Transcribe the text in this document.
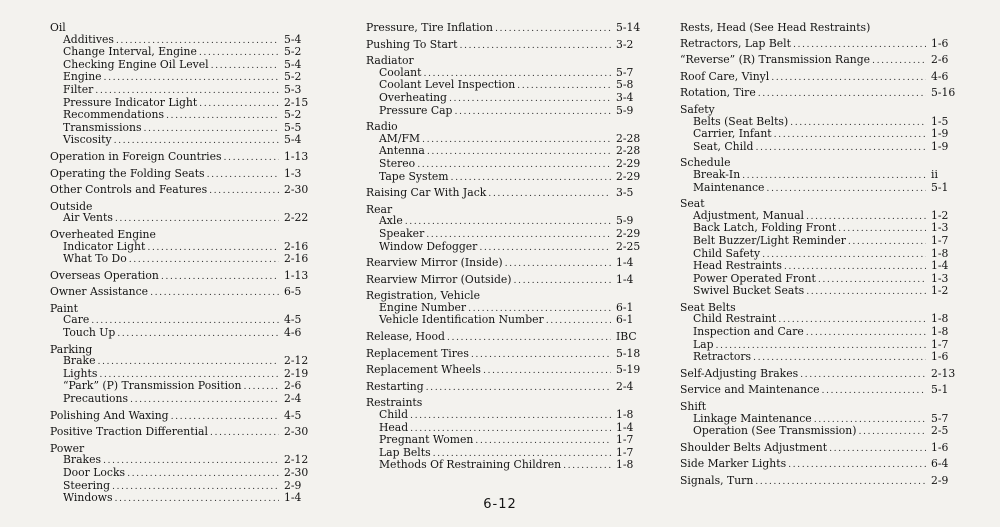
Oil
Additives .....	5-4
Change Interval, Engine .....	5-2
Checking Engine Oil Level .....	5-4
Engine .....	5-2
Filter .....	5-3
Pressure Indicator Light .....	2-15
Recommendations .....	5-2
Transmissions .....	5-5
Viscosity .....	5-4
Operation in Foreign Countries .....	1-13
Operating the Folding Seats .....	1-3
Other Controls and Features .....	2-30
Outside
Air Vents .....	2-22
Overheated Engine
Indicator Light .....	2-16
What To Do .....	2-16
Overseas Operation .....	1-13
Owner Assistance .....	6-5
Paint
Care .....	4-5
Touch Up .....	4-6
Parking
Brake .....	2-12
Lights .....	2-19
“Park” (P) Transmission Position .....	2-6
Precautions .....	2-4
Polishing And Waxing .....	4-5
Positive Traction Differential .....	2-30
Power
Brakes .....	2-12
Door Locks .....	2-30
Steering .....	2-9
Windows .....	1-4
Pressure, Tire Inflation .....	5-14
Pushing To Start .....	3-2
Radiator
Coolant .....	5-7
Coolant Level Inspection .....	5-8
Overheating .....	3-4
Pressure Cap .....	5-9
Radio
AM/FM .....	2-28
Antenna .....	2-28
Stereo .....	2-29
Tape System .....	2-29
Raising Car With Jack .....	3-5
Rear
Axle .....	5-9
Speaker .....	2-29
Window Defogger .....	2-25
Rearview Mirror (Inside) .....	1-4
Rearview Mirror (Outside) .....	1-4
Registration, Vehicle
Engine Number .....	6-1
Vehicle Identification Number .....	6-1
Release, Hood .....	IBC
Replacement Tires .....	5-18
Replacement Wheels .....	5-19
Restarting .....	2-4
Restraints
Child .....	1-8
Head .....	1-4
Pregnant Women .....	1-7
Lap Belts .....	1-7
Methods Of Restraining Children .....	1-8
Rests, Head (See Head Restraints)
Retractors, Lap Belt .....	1-6
“Reverse” (R) Transmission Range .....	2-6
Roof Care, Vinyl .....	4-6
Rotation, Tire .....	5-16
Safety
Belts (Seat Belts) .....	1-5
Carrier, Infant .....	1-9
Seat, Child .....	1-9
Schedule
Break-In .....	ii
Maintenance .....	5-1
Seat
Adjustment, Manual .....	1-2
Back Latch, Folding Front .....	1-3
Belt Buzzer/Light Reminder .....	1-7
Child Safety .....	1-8
Head Restraints .....	1-4
Power Operated Front .....	1-3
Swivel Bucket Seats .....	1-2
Seat Belts
Child Restraint .....	1-8
Inspection and Care .....	1-8
Lap .....	1-7
Retractors .....	1-6
Self-Adjusting Brakes .....	2-13
Service and Maintenance .....	5-1
Shift
Linkage Maintenance .....	5-7
Operation (See Transmission) .....	2-5
Shoulder Belts Adjustment .....	1-6
Side Marker Lights .....	6-4
Signals, Turn .....	2-9
6-12
